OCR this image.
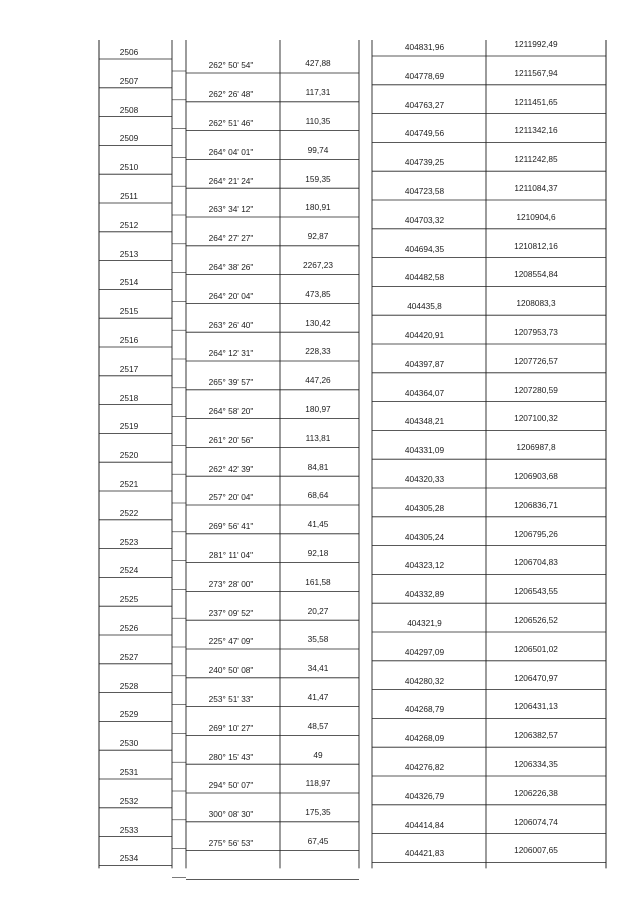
2506	404831,96	1211992,49
262° 50' 54"	427,88
2507	404778,69	1211567,94
262° 26' 48"	117,31
2508	404763,27	1211451,65
262° 51' 46"	110,35
2509	404749,56	1211342,16
264° 04' 01"	99,74
2510	404739,25	1211242,85
264° 21' 24"	159,35
2511	404723,58	1211084,37
263° 34' 12"	180,91
2512	404703,32	1210904,6
264° 27' 27"	92,87
2513	404694,35	1210812,16
264° 38' 26"	2267,23
2514	404482,58	1208554,84
264° 20' 04"	473,85
2515	404435,8	1208083,3
263° 26' 40"	130,42
2516	404420,91	1207953,73
264° 12' 31"	228,33
2517	404397,87	1207726,57
265° 39' 57"	447,26
2518	404364,07	1207280,59
264° 58' 20"	180,97
2519	404348,21	1207100,32
261° 20' 56"	113,81
2520	404331,09	1206987,8
262° 42' 39"	84,81
2521	404320,33	1206903,68
257° 20' 04"	68,64
2522	404305,28	1206836,71
269° 56' 41"	41,45
2523	404305,24	1206795,26
281° 11' 04"	92,18
2524	404323,12	1206704,83
273° 28' 00"	161,58
2525	404332,89	1206543,55
237° 09' 52"	20,27
2526	404321,9	1206526,52
225° 47' 09"	35,58
2527	404297,09	1206501,02
240° 50' 08"	34,41
2528	404280,32	1206470,97
253° 51' 33"	41,47
2529	404268,79	1206431,13
269° 10' 27"	48,57
2530	404268,09	1206382,57
280° 15' 43"	49
2531	404276,82	1206334,35
294° 50' 07"	118,97
2532	404326,79	1206226,38
300° 08' 30"	175,35
2533	404414,84	1206074,74
275° 56' 53"	67,45
2534	404421,83	1206007,65
